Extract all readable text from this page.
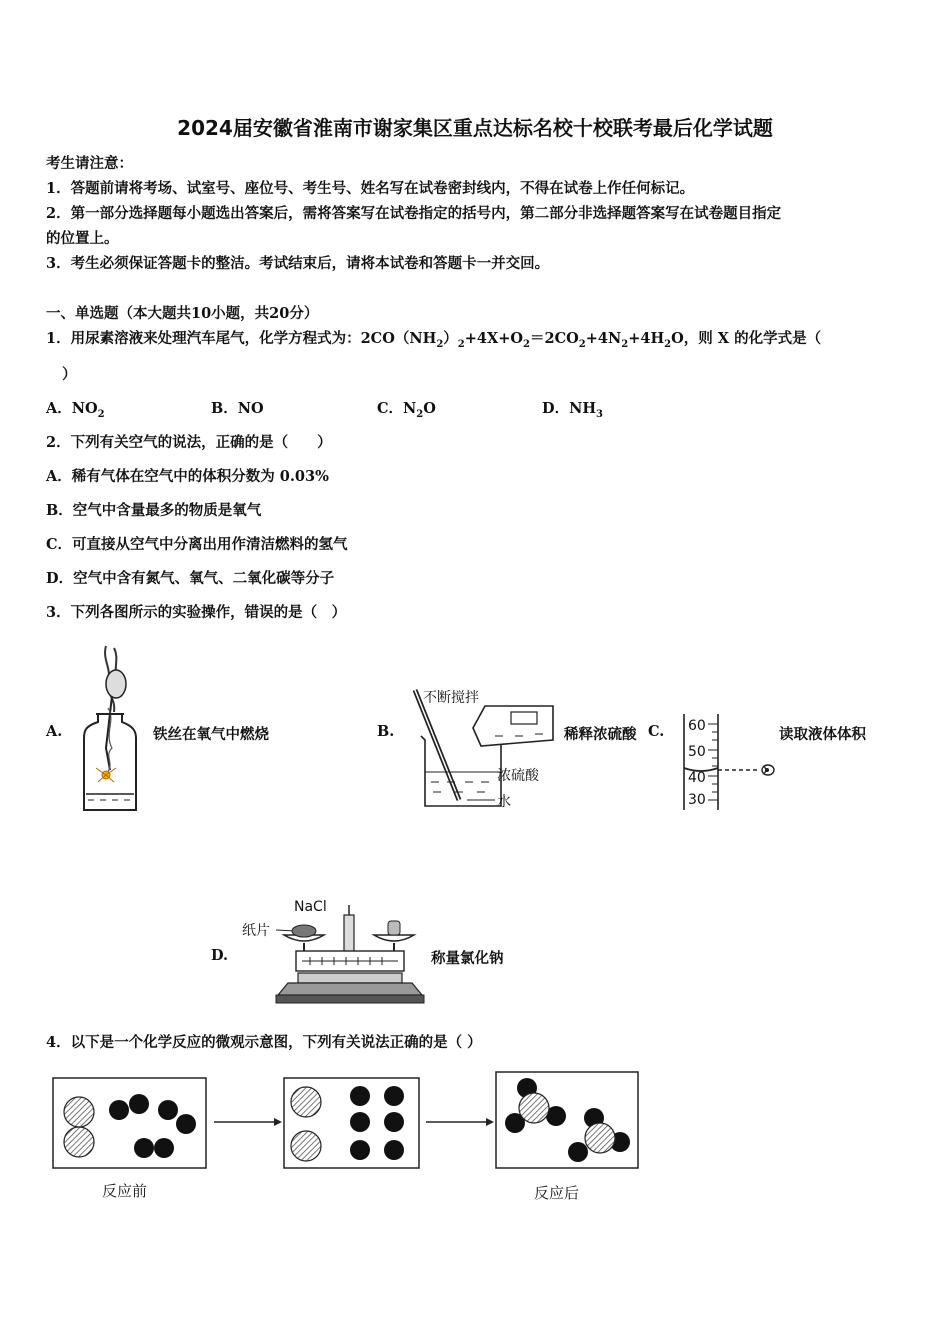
2024届安徽省淮南市谢家集区重点达标名校十校联考最后化学试题
考生请注意：
1．答题前请将考场、试室号、座位号、考生号、姓名写在试卷密封线内，不得在试卷上作任何标记。
2．第一部分选择题每小题选出答案后，需将答案写在试卷指定的括号内，第二部分非选择题答案写在试卷题目指定
的位置上。
3．考生必须保证答题卡的整洁。考试结束后，请将本试卷和答题卡一并交回。
一、单选题（本大题共10小题，共20分）
1．用尿素溶液来处理汽车尾气，化学方程式为：$2CO(NH_2)_2+4X+O_2=2CO_2+4N_2+4H_2O$，则 X 的化学式是（
）
A．$NO_2$	B．NO	C．$N_2O$	D．$NH_3$
2．下列有关空气的说法，正确的是（　　）
A．稀有气体在空气中的体积分数为 0.03%
B．空气中含量最多的物质是氧气
C．可直接从空气中分离出用作清洁燃料的氢气
D．空气中含有氮气、氧气、二氧化碳等分子
3．下列各图所示的实验操作，错误的是（　）
A.	铁丝在氧气中燃烧	B.
不断搅拌
浓硫酸
水
稀释浓硫酸 C. 60
50
40
30
读取液体体积
D.
NaCl
纸片
称量氯化钠
4．以下是一个化学反应的微观示意图，下列有关说法正确的是（ ）
反应前	反应后
